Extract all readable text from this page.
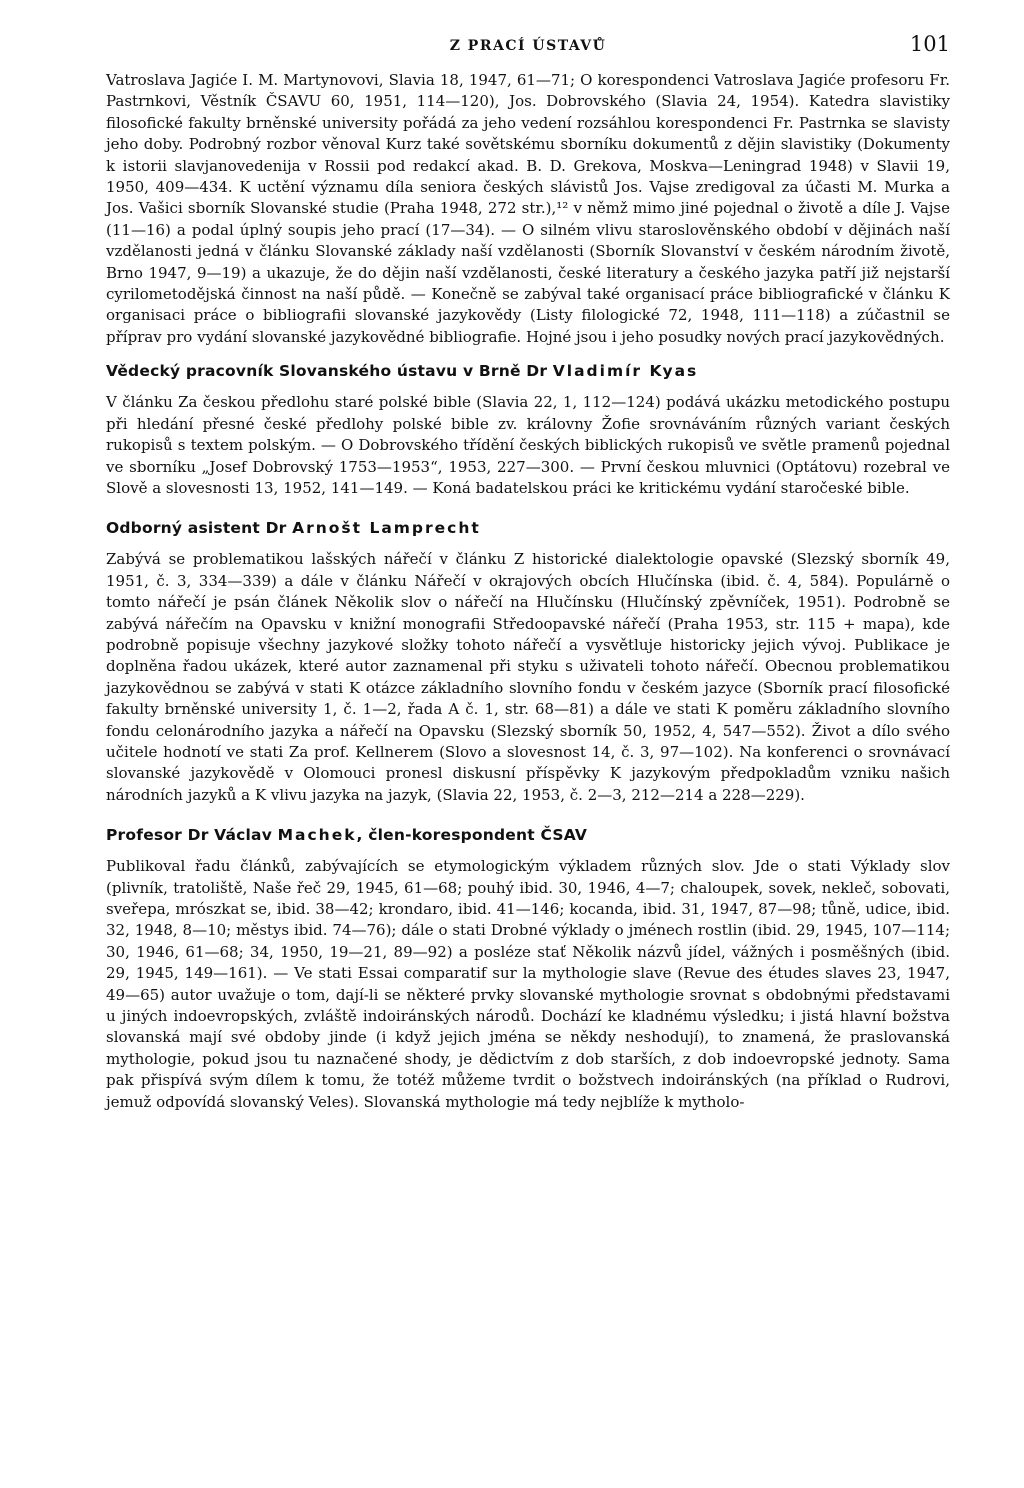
Z PRACÍ ÚSTAVŮ	101

Vatroslava Jagiće I. M. Martynovovi, Slavia 18, 1947, 61—71; O korespondenci Vatroslava Jagiće profesoru Fr. Pastrnkovi, Věstník ČSAVU 60, 1951, 114—120), Jos. Dobrovského (Slavia 24, 1954). Katedra slavistiky filosofické fakulty brněnské university pořádá za jeho vedení rozsáhlou korespondenci Fr. Pastrnka se slavisty jeho doby. Podrobný rozbor věnoval Kurz také sovětskému sborníku dokumentů z dějin slavistiky (Dokumenty k istorii slavjanovedenija v Rossii pod redakcí akad. B. D. Grekova, Moskva—Leningrad 1948) v Slavii 19, 1950, 409—434. K uctění významu díla seniora českých slávistů Jos. Vajse zredigoval za účasti M. Murka a Jos. Vašici sborník Slovanské studie (Praha 1948, 272 str.),¹² v němž mimo jiné pojednal o životě a díle J. Vajse (11—16) a podal úplný soupis jeho prací (17—34). — O silném vlivu staroslověnského období v dějinách naší vzdělanosti jedná v článku Slovanské základy naší vzdělanosti (Sborník Slovanství v českém národním životě, Brno 1947, 9—19) a ukazuje, že do dějin naší vzdělanosti, české literatury a českého jazyka patří již nejstarší cyrilometodějská činnost na naší půdě. — Konečně se zabýval také organisací práce bibliografické v článku K organisaci práce o bibliografii slovanské jazykovědy (Listy filologické 72, 1948, 111—118) a zúčastnil se příprav pro vydání slovanské jazykovědné bibliografie. Hojné jsou i jeho posudky nových prací jazykovědných.

Vědecký pracovník Slovanského ústavu v Brně Dr Vladimír Kyas

V článku Za českou předlohu staré polské bible (Slavia 22, 1, 112—124) podává ukázku metodického postupu při hledání přesné české předlohy polské bible zv. královny Žofie srovnáváním různých variant českých rukopisů s textem polským. — O Dobrovského třídění českých biblických rukopisů ve světle pramenů pojednal ve sborníku „Josef Dobrovský 1753—1953“, 1953, 227—300. — První českou mluvnici (Optátovu) rozebral ve Slově a slovesnosti 13, 1952, 141—149. — Koná badatelskou práci ke kritickému vydání staročeské bible.

Odborný asistent Dr Arnošt Lamprecht

Zabývá se problematikou lašských nářečí v článku Z historické dialektologie opavské (Slezský sborník 49, 1951, č. 3, 334—339) a dále v článku Nářečí v okrajových obcích Hlučínska (ibid. č. 4, 584). Populárně o tomto nářečí je psán článek Několik slov o nářečí na Hlučínsku (Hlučínský zpěvníček, 1951). Podrobně se zabývá nářečím na Opavsku v knižní monografii Středoopavské nářečí (Praha 1953, str. 115 + mapa), kde podrobně popisuje všechny jazykové složky tohoto nářečí a vysvětluje historicky jejich vývoj. Publikace je doplněna řadou ukázek, které autor zaznamenal při styku s uživateli tohoto nářečí. Obecnou problematikou jazykovědnou se zabývá v stati K otázce základního slovního fondu v českém jazyce (Sborník prací filosofické fakulty brněnské university 1, č. 1—2, řada A č. 1, str. 68—81) a dále ve stati K poměru základního slovního fondu celonárodního jazyka a nářečí na Opavsku (Slezský sborník 50, 1952, 4, 547—552). Život a dílo svého učitele hodnotí ve stati Za prof. Kellnerem (Slovo a slovesnost 14, č. 3, 97—102). Na konferenci o srovnávací slovanské jazykovědě v Olomouci pronesl diskusní příspěvky K jazykovým předpokladům vzniku našich národních jazyků a K vlivu jazyka na jazyk, (Slavia 22, 1953, č. 2—3, 212—214 a 228—229).

Profesor Dr Václav Machek, člen-korespondent ČSAV

Publikoval řadu článků, zabývajících se etymologickým výkladem různých slov. Jde o stati Výklady slov (plivník, tratoliště, Naše řeč 29, 1945, 61—68; pouhý ibid. 30, 1946, 4—7; chaloupek, sovek, nekleč, sobovati, sveřepa, mrószkat se, ibid. 38—42; krondaro, ibid. 41—146; kocanda, ibid. 31, 1947, 87—98; tůně, udice, ibid. 32, 1948, 8—10; městys ibid. 74—76); dále o stati Drobné výklady o jménech rostlin (ibid. 29, 1945, 107—114; 30, 1946, 61—68; 34, 1950, 19—21, 89—92) a posléze stať Několik názvů jídel, vážných i posměšných (ibid. 29, 1945, 149—161). — Ve stati Essai comparatif sur la mythologie slave (Revue des études slaves 23, 1947, 49—65) autor uvažuje o tom, dají-li se některé prvky slovanské mythologie srovnat s obdobnými představami u jiných indoevropských, zvláště indoiránských národů. Dochází ke kladnému výsledku; i jistá hlavní božstva slovanská mají své obdoby jinde (i když jejich jména se někdy neshodují), to znamená, že praslovanská mythologie, pokud jsou tu naznačené shody, je dědictvím z dob starších, z dob indoevropské jednoty. Sama pak přispívá svým dílem k tomu, že totéž můžeme tvrdit o božstvech indoiránských (na příklad o Rudrovi, jemuž odpovídá slovanský Veles). Slovanská mythologie má tedy nejblíže k mytholo-
